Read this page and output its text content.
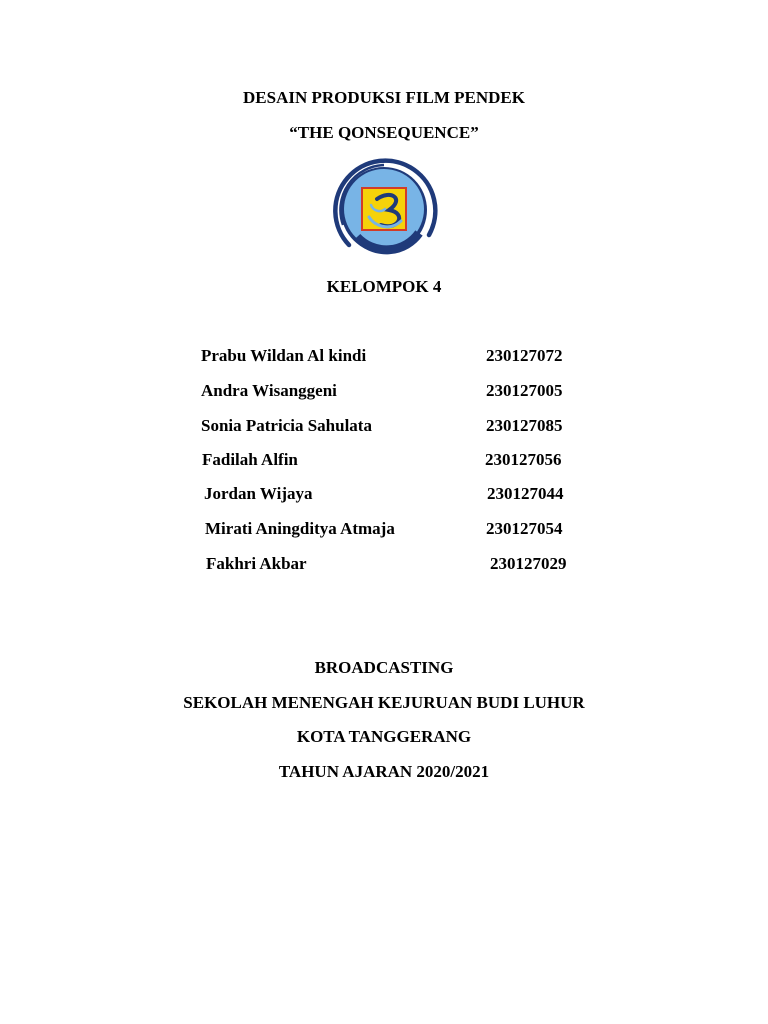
DESAIN PRODUKSI FILM PENDEK
“THE QONSEQUENCE”
KELOMPOK 4
Prabu Wildan Al kindi	230127072
Andra Wisanggeni	230127005
Sonia Patricia Sahulata	230127085
Fadilah Alfin	230127056
Jordan Wijaya	230127044
Mirati Aningditya Atmaja	230127054
Fakhri Akbar	230127029
BROADCASTING
SEKOLAH MENENGAH KEJURUAN BUDI LUHUR
KOTA TANGGERANG
TAHUN AJARAN 2020/2021
